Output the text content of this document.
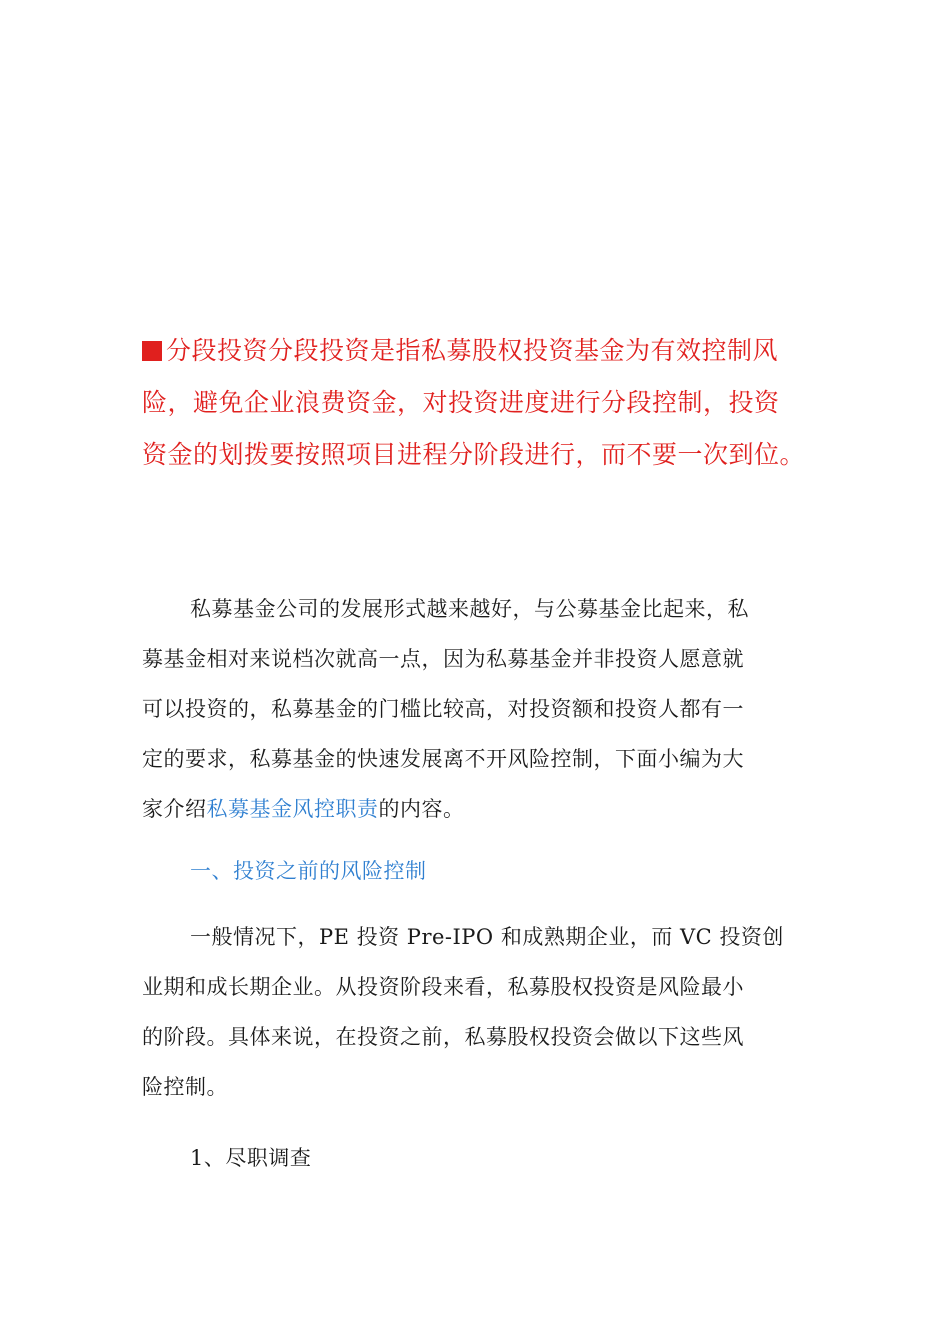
分段投资分段投资是指私募股权投资基金为有效控制风
险，避免企业浪费资金，对投资进度进行分段控制，投资
资金的划拨要按照项目进程分阶段进行，而不要一次到位。
私募基金公司的发展形式越来越好，与公募基金比起来，私
募基金相对来说档次就高一点，因为私募基金并非投资人愿意就
可以投资的，私募基金的门槛比较高，对投资额和投资人都有一
定的要求，私募基金的快速发展离不开风险控制，下面小编为大
家介绍私募基金风控职责的内容。
一、投资之前的风险控制
一般情况下，PE 投资 Pre-IPO 和成熟期企业，而 VC 投资创
业期和成长期企业。从投资阶段来看，私募股权投资是风险最小
的阶段。具体来说，在投资之前，私募股权投资会做以下这些风
险控制。
1、尽职调查
